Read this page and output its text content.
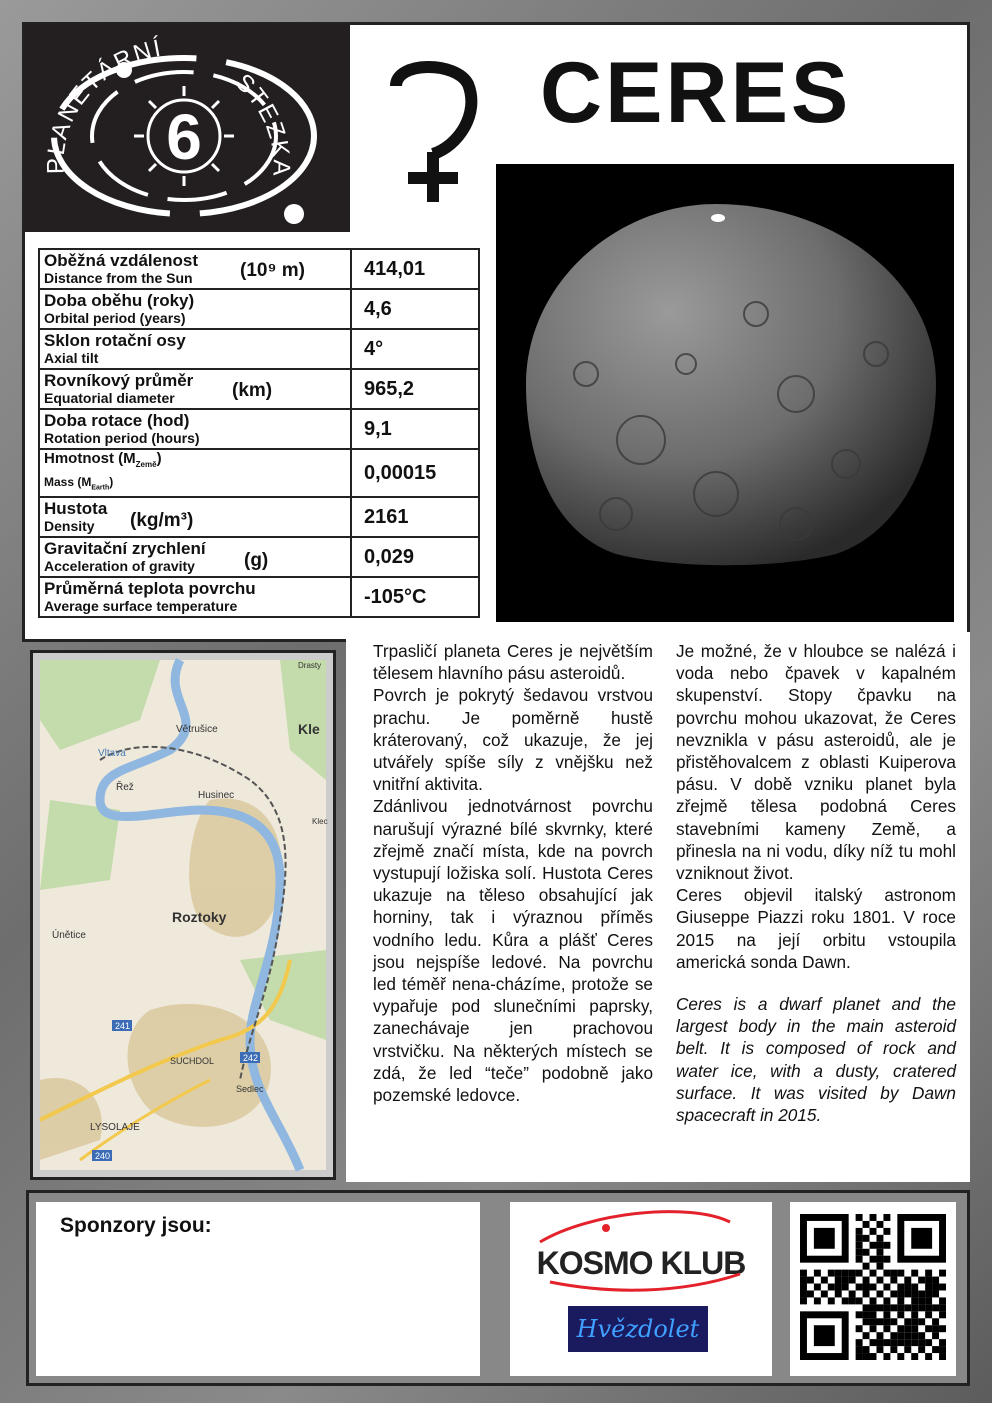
6
PLANETÁRNÍ
STEZKA
CERES
Oběžná vzdálenost
Distance from the Sun (10⁹ m)	414,01

Doba oběhu (roky)
Orbital period (years)	4,6

Sklon rotační osy
Axial tilt	4°

Rovníkový průměr
Equatorial diameter (km)	965,2

Doba rotace (hod)
Rotation period (hours)	9,1

Hmotnost $(M_{Země})$
Mass $(M_{Earth})$	0,00015

Hustota
Density (kg/m³)	2161

Gravitační zrychlení
Acceleration of gravity (g)	0,029

Průměrná teplota povrchu
Average surface temperature	-105°C
Větrušice	Kle
Vltava
Řež
Husinec
Klec
Roztoky
Únětice
SUCHDOL
Sedlec
LYSOLAJE
Drasty
241
242
240
Trpasličí planeta Ceres je největším tělesem hlavního pásu asteroidů.
Povrch je pokrytý šedavou vrstvou prachu. Je poměrně hustě kráterovaný, což ukazuje, že jej utvářely spíše síly z vnějšku než vnitřní aktivita.
Zdánlivou jednotvárnost povrchu narušují výrazné bílé skvrnky, které zřejmě značí místa, kde na povrch vystupují ložiska solí. Hustota Ceres ukazuje na těleso obsahující jak horniny, tak i výraznou příměs vodního ledu. Kůra a plášť Ceres jsou nejspíše ledové. Na povrchu led téměř nena-cházíme, protože se vypařuje pod slunečními paprsky, zanechávaje jen prachovou vrstvičku. Na některých místech se zdá, že led “teče” podobně jako pozemské ledovce.
Je možné, že v hloubce se nalézá i voda nebo čpavek v kapalném skupenství. Stopy čpavku na povrchu mohou ukazovat, že Ceres nevznikla v pásu asteroidů, ale je přistěhovalcem z oblasti Kuiperova pásu. V době vzniku planet byla zřejmě tělesa podobná Ceres stavebními kameny Země, a přinesla na ni vodu, díky níž tu mohl vzniknout život.
Ceres objevil italský astronom Giuseppe Piazzi roku 1801. V roce 2015 na její orbitu vstoupila americká sonda Dawn.
Ceres is a dwarf planet and the largest body in the main asteroid belt. It is composed of rock and water ice, with a dusty, cratered surface. It was visited by Dawn spacecraft in 2015.
Sponzory jsou:
KOSMO KLUB
Hvězdolet
